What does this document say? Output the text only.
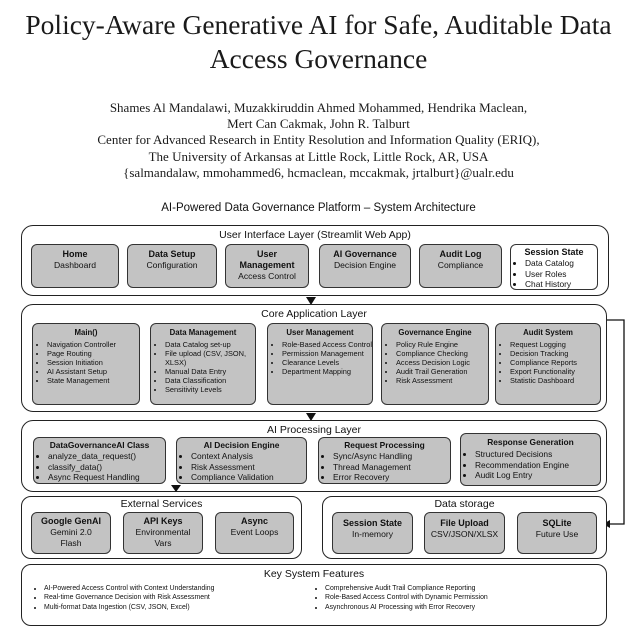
Policy-Aware Generative AI for Safe, Auditable Data Access Governance
Shames Al Mandalawi, Muzakkiruddin Ahmed Mohammed, Hendrika Maclean,
Mert Can Cakmak, John R. Talburt
Center for Advanced Research in Entity Resolution and Information Quality (ERIQ),
The University of Arkansas at Little Rock, Little Rock, AR, USA
{salmandalaw, mmohammed6, hcmaclean, mccakmak, jrtalburt}@ualr.edu
AI-Powered Data Governance Platform – System Architecture
User Interface Layer (Streamlit Web App)
Home
Dashboard
Data Setup
Configuration
User Management
Access Control
AI Governance
Decision Engine
Audit Log
Compliance
Session State
• Data Catalog
• User Roles
• Chat History
Core Application Layer
Main()
• Navigation Controller
• Page Routing
• Session Initiation
• AI Assistant Setup
• State Management
Data Management
• Data Catalog set-up
• File upload (CSV, JSON, XLSX)
• Manual Data Entry
• Data Classification
• Sensitivity Levels
User Management
• Role-Based Access Control
• Permission Management
• Clearance Levels
• Department Mapping
Governance Engine
• Policy Rule Engine
• Compliance Checking
• Access Decision Logic
• Audit Trail Generation
• Risk Assessment
Audit System
• Request Logging
• Decision Tracking
• Compliance Reports
• Export Functionality
• Statistic Dashboard
AI Processing Layer
DataGovernanceAI Class
• analyze_data_request()
• classify_data()
• Async Request Handling
AI Decision Engine
• Context Analysis
• Risk Assessment
• Compliance Validation
Request Processing
• Sync/Async Handling
• Thread Management
• Error Recovery
Response Generation
• Structured Decisions
• Recommendation Engine
• Audit Log Entry
External Services
Google GenAI
Gemini 2.0 Flash
API Keys
Environmental Vars
Async
Event Loops
Data storage
Session State
In-memory
File Upload
CSV/JSON/XLSX
SQLite
Future Use
Key System Features
• AI-Powered Access Control with Context Understanding
• Real-time Governance Decision with Risk Assessment
• Multi-format Data Ingestion (CSV, JSON, Excel)
• Comprehensive Audit Trail Compliance Reporting
• Role-Based Access Control with Dynamic Permission
• Asynchronous AI Processing with Error Recovery
